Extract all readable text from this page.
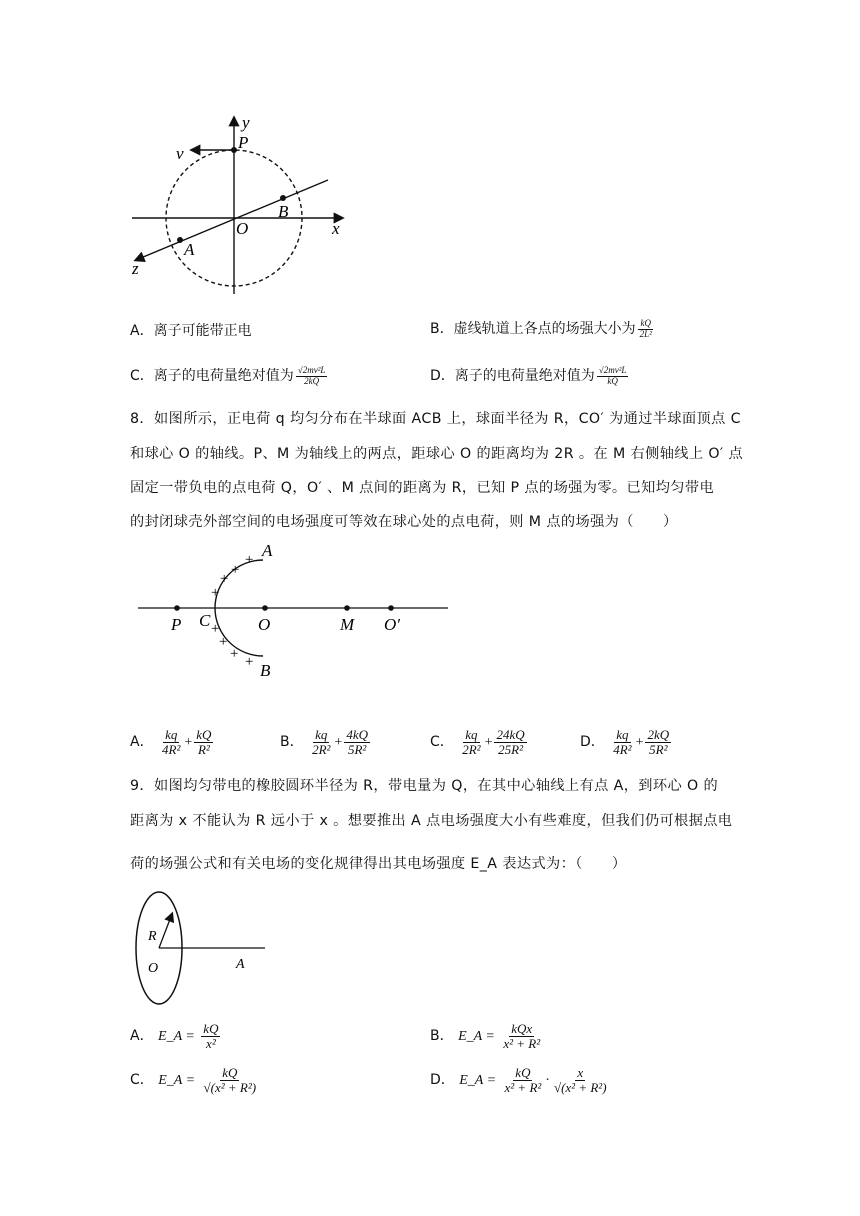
y
P
v
B
O	x
A
z
A．离子可能带正电	B．虚线轨道上各点的场强大小为 $\frac{kQ}{\text{2L²}}$
C．离子的电荷量绝对值为 $\frac{\text{√2mv²L}}{2kQ}$	D．离子的电荷量绝对值为 $\frac{\text{√2mv²L}}{kQ}$
8．如图所示，正电荷 q 均匀分布在半球面 ACB 上，球面半径为 R，CO′ 为通过半球面顶点 C
和球心 O 的轴线。P、M 为轴线上的两点，距球心 O 的距离均为 2R 。在 M 右侧轴线上 O′ 点
固定一带负电的点电荷 Q，O′ 、M 点间的距离为 R，已知 P 点的场强为零。已知均匀带电
的封闭球壳外部空间的电场强度可等效在球心处的点电荷，则 M 点的场强为（　　）
+
+
+
+
+
+
+ +
A
B
P C	O	M O′
A． $\frac{kq}{\text{4R²}} + \frac{kQ}{\text{R²}}$	B． $\frac{kq}{\text{2R²}} + \frac{4kQ}{\text{5R²}}$	C． $\frac{kq}{\text{2R²}} + \frac{24kQ}{\text{25R²}}$	D． $\frac{kq}{\text{4R²}} + \frac{2kQ}{\text{5R²}}$
9．如图均匀带电的橡胶圆环半径为 R，带电量为 Q，在其中心轴线上有点 A，到环心 O 的
距离为 x 不能认为 R 远小于 x 。想要推出 A 点电场强度大小有些难度，但我们仍可根据点电
荷的场强公式和有关电场的变化规律得出其电场强度 E_A 表达式为：（　　）
R
O	A
A． E_A = $\frac{kQ}{\text{x²}}$	B． E_A = $\frac{\text{kQx}}{\text{x² + R²}}$
C． E_A = $\frac{kQ}{\text{√(x² + R²)}}$	D． E_A = $\frac{kQ}{\text{x² + R²}} \cdot \frac{x}{\text{√(x² + R²)}}$
